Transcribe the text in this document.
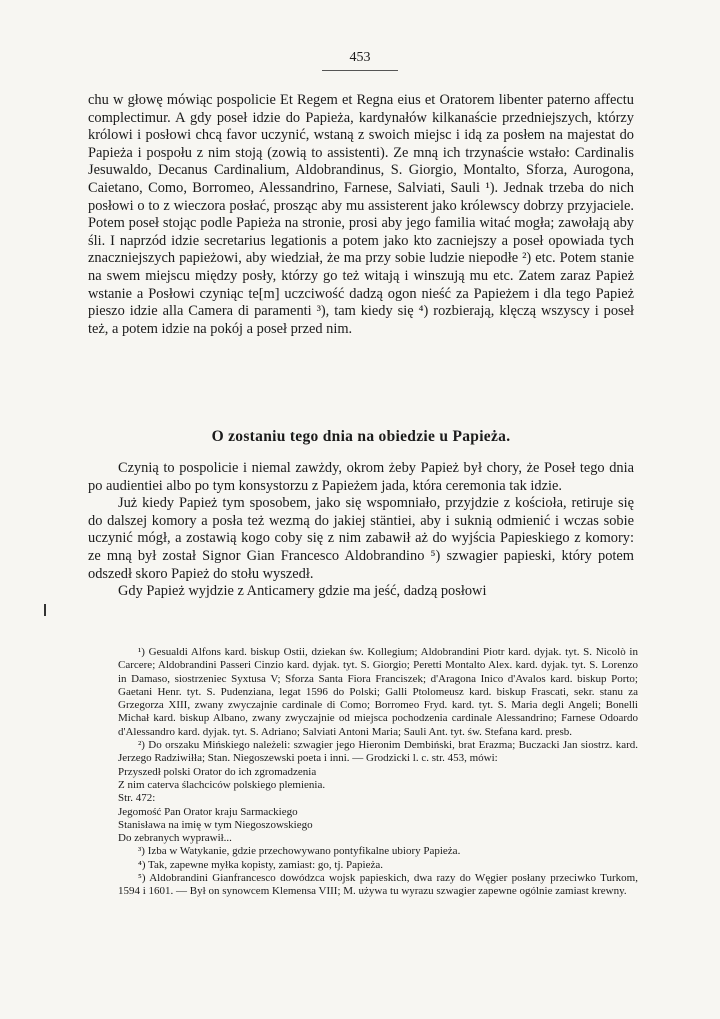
453

chu w głowę mówiąc pospolicie Et Regem et Regna eius et Oratorem libenter paterno affectu complectimur. A gdy poseł idzie do Papieża, kardynałów kilkanaście przedniejszych, którzy królowi i posłowi chcą favor uczynić, wstaną z swoich miejsc i idą za posłem na majestat do Papieża i pospołu z nim stoją (zowią to assistenti). Ze mną ich trzynaście wstało: Cardinalis Jesuwaldo, Decanus Cardinalium, Aldobrandinus, S. Giorgio, Montalto, Sforza, Aurogona, Caietano, Como, Borromeo, Alessandrino, Farnese, Salviati, Sauli ¹). Jednak trzeba do nich posłowi o to z wieczora posłać, prosząc aby mu assisterent jako królewscy dobrzy przyjaciele. Potem poseł stojąc podle Papieża na stronie, prosi aby jego familia witać mogła; zawołają aby śli. I naprzód idzie secretarius legationis a potem jako kto zacniejszy a poseł opowiada tych znaczniejszych papieżowi, aby wiedział, że ma przy sobie ludzie niepodłe ²) etc. Potem stanie na swem miejscu między posły, którzy go też witają i winszują mu etc. Zatem zaraz Papież wstanie a Posłowi czyniąc te[m] uczciwość dadzą ogon nieść za Papieżem i dla tego Papież pieszo idzie alla Camera di paramenti ³), tam kiedy się ⁴) rozbierają, klęczą wszyscy i poseł też, a potem idzie na pokój a poseł przed nim.

O zostaniu tego dnia na obiedzie u Papieża.

Czynią to pospolicie i niemal zawżdy, okrom żeby Papież był chory, że Poseł tego dnia po audientiei albo po tym konsystorzu z Papieżem jada, która ceremonia tak idzie.

Już kiedy Papież tym sposobem, jako się wspomniało, przyjdzie z kościoła, retiruje się do dalszej komory a posła też wezmą do jakiej stäntiei, aby i suknią odmienić i wczas sobie uczynić mógł, a zostawią kogo coby się z nim zabawił aż do wyjścia Papieskiego z komory: ze mną był został Signor Gian Francesco Aldobrandino ⁵) szwagier papieski, który potem odszedł skoro Papież do stołu wyszedł.

Gdy Papież wyjdzie z Anticamery gdzie ma jeść, dadzą posłowi

¹) Gesualdi Alfons kard. biskup Ostii, dziekan św. Kollegium; Aldobrandini Piotr kard. dyjak. tyt. S. Nicolò in Carcere; Aldobrandini Passeri Cinzio kard. dyjak. tyt. S. Giorgio; Peretti Montalto Alex. kard. dyjak. tyt. S. Lorenzo in Damaso, siostrzeniec Syxtusa V; Sforza Santa Fiora Franciszek; d'Aragona Inico d'Avalos kard. biskup Porto; Gaetani Henr. tyt. S. Pudenziana, legat 1596 do Polski; Galli Ptolomeusz kard. biskup Frascati, sekr. stanu za Grzegorza XIII, zwany zwyczajnie cardinale di Como; Borromeo Fryd. kard. tyt. S. Maria degli Angeli; Bonelli Michał kard. biskup Albano, zwany zwyczajnie od miejsca pochodzenia cardinale Alessandrino; Farnese Odoardo d'Alessandro kard. dyjak. tyt. S. Adriano; Salviati Antoni Maria; Sauli Ant. tyt. św. Stefana kard. presb.

²) Do orszaku Mińskiego należeli: szwagier jego Hieronim Dembiński, brat Erazma; Buczacki Jan siostrz. kard. Jerzego Radziwiłła; Stan. Niegoszewski poeta i inni. — Grodzicki l. c. str. 453, mówi:

Przyszedł polski Orator do ich zgromadzenia

Z nim caterva ślachciców polskiego plemienia.

Str. 472:

Jegomość Pan Orator kraju Sarmackiego

Stanisława na imię w tym Niegoszowskiego

Do zebranych wyprawił...

³) Izba w Watykanie, gdzie przechowywano pontyfikalne ubiory Papieża.

⁴) Tak, zapewne myłka kopisty, zamiast: go, tj. Papieża.

⁵) Aldobrandini Gianfrancesco dowódzca wojsk papieskich, dwa razy do Węgier posłany przeciwko Turkom, 1594 i 1601. — Był on synowcem Klemensa VIII; M. używa tu wyrazu szwagier zapewne ogólnie zamiast krewny.
